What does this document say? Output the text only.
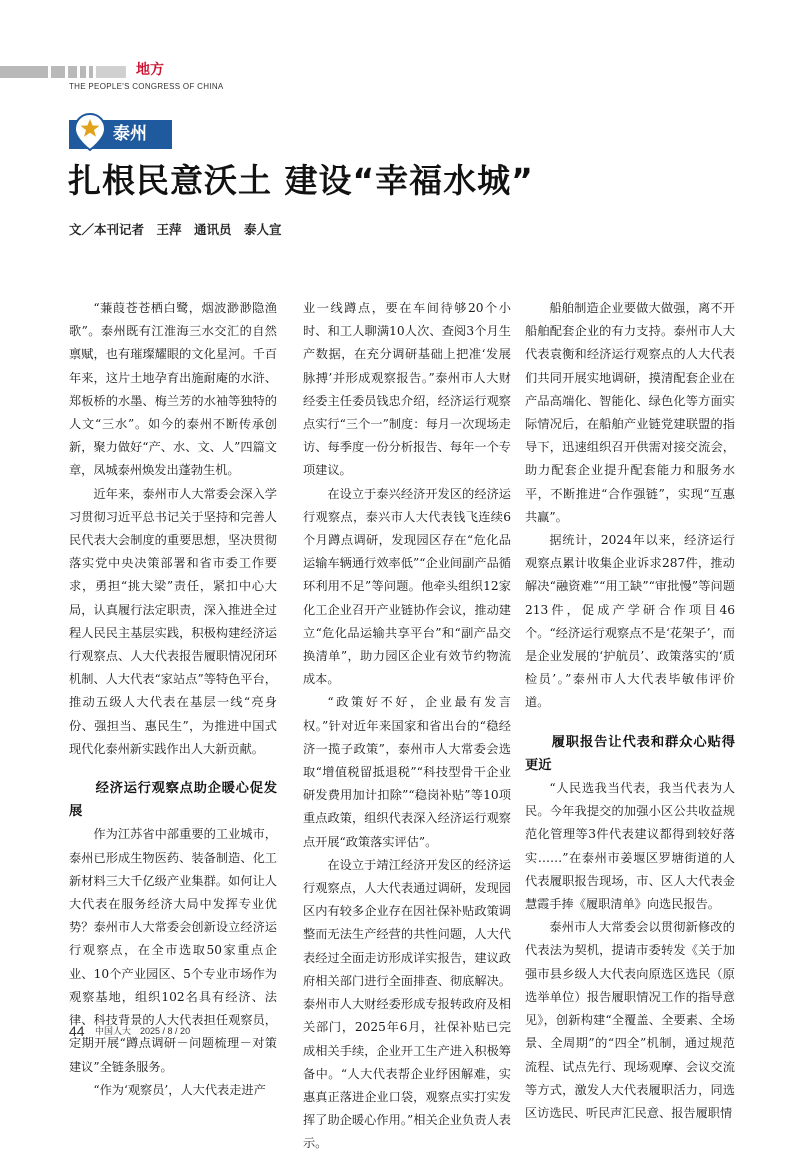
地方
THE PEOPLE'S CONGRESS OF CHINA
泰州
扎根民意沃土 建设“幸福水城”
文／本刊记者　王萍　通讯员　泰人宣

“蒹葭苍苍栖白鹭，烟波渺渺隐渔歌”。泰州既有江淮海三水交汇的自然禀赋，也有璀璨耀眼的文化星河。千百年来，这片土地孕育出施耐庵的水浒、郑板桥的水墨、梅兰芳的水袖等独特的人文“三水”。如今的泰州不断传承创新，聚力做好“产、水、文、人”四篇文章，凤城泰州焕发出蓬勃生机。

近年来，泰州市人大常委会深入学习贯彻习近平总书记关于坚持和完善人民代表大会制度的重要思想，坚决贯彻落实党中央决策部署和省市委工作要求，勇担“挑大梁”责任，紧扣中心大局，认真履行法定职责，深入推进全过程人民民主基层实践，积极构建经济运行观察点、人大代表报告履职情况闭环机制、人大代表“家站点”等特色平台，推动五级人大代表在基层一线“亮身份、强担当、惠民生”，为推进中国式现代化泰州新实践作出人大新贡献。

经济运行观察点助企暖心促发展

作为江苏省中部重要的工业城市，泰州已形成生物医药、装备制造、化工新材料三大千亿级产业集群。如何让人大代表在服务经济大局中发挥专业优势？泰州市人大常委会创新设立经济运行观察点，在全市选取50家重点企业、10个产业园区、5个专业市场作为观察基地，组织102名具有经济、法律、科技背景的人大代表担任观察员，定期开展“蹲点调研－问题梳理－对策建议”全链条服务。

“作为‘观察员’，人大代表走进产

业一线蹲点，要在车间待够20个小时、和工人聊满10人次、查阅3个月生产数据，在充分调研基础上把准‘发展脉搏’并形成观察报告。”泰州市人大财经委主任委员钱忠介绍，经济运行观察点实行“三个一”制度：每月一次现场走访、每季度一份分析报告、每年一个专项建议。

在设立于泰兴经济开发区的经济运行观察点，泰兴市人大代表钱飞连续6个月蹲点调研，发现园区存在“危化品运输车辆通行效率低”“企业间副产品循环利用不足”等问题。他牵头组织12家化工企业召开产业链协作会议，推动建立“危化品运输共享平台”和“副产品交换清单”，助力园区企业有效节约物流成本。

“政策好不好，企业最有发言权。”针对近年来国家和省出台的“稳经济一揽子政策”，泰州市人大常委会选取“增值税留抵退税”“科技型骨干企业研发费用加计扣除”“稳岗补贴”等10项重点政策，组织代表深入经济运行观察点开展“政策落实评估”。

在设立于靖江经济开发区的经济运行观察点，人大代表通过调研，发现园区内有较多企业存在因社保补贴政策调整而无法生产经营的共性问题，人大代表经过全面走访形成详实报告，建议政府相关部门进行全面排查、彻底解决。泰州市人大财经委形成专报转政府及相关部门，2025年6月，社保补贴已完成相关手续，企业开工生产进入积极筹备中。“人大代表帮企业纾困解难，实惠真正落进企业口袋，观察点实打实发挥了助企暖心作用。”相关企业负责人表示。

船舶制造企业要做大做强，离不开船舶配套企业的有力支持。泰州市人大代表袁衡和经济运行观察点的人大代表们共同开展实地调研，摸清配套企业在产品高端化、智能化、绿色化等方面实际情况后，在船舶产业链党建联盟的指导下，迅速组织召开供需对接交流会，助力配套企业提升配套能力和服务水平，不断推进“合作强链”，实现“互惠共赢”。

据统计，2024年以来，经济运行观察点累计收集企业诉求287件，推动解决“融资难”“用工缺”“审批慢”等问题213件，促成产学研合作项目46个。“经济运行观察点不是‘花架子’，而是企业发展的‘护航员’、政策落实的‘质检员’。”泰州市人大代表毕敏伟评价道。

履职报告让代表和群众心贴得更近

“人民选我当代表，我当代表为人民。今年我提交的加强小区公共收益规范化管理等3件代表建议都得到较好落实……”在泰州市姜堰区罗塘街道的人代表履职报告现场，市、区人大代表金慧霞手捧《履职清单》向选民报告。

泰州市人大常委会以贯彻新修改的代表法为契机，提请市委转发《关于加强市县乡级人大代表向原选区选民（原选举单位）报告履职情况工作的指导意见》，创新构建“全覆盖、全要素、全场景、全周期”的“四全”机制，通过规范流程、试点先行、现场观摩、会议交流等方式，激发人大代表履职活力，同选区访选民、听民声汇民意、报告履职情

44 中国人大　2025 / 8 / 20
